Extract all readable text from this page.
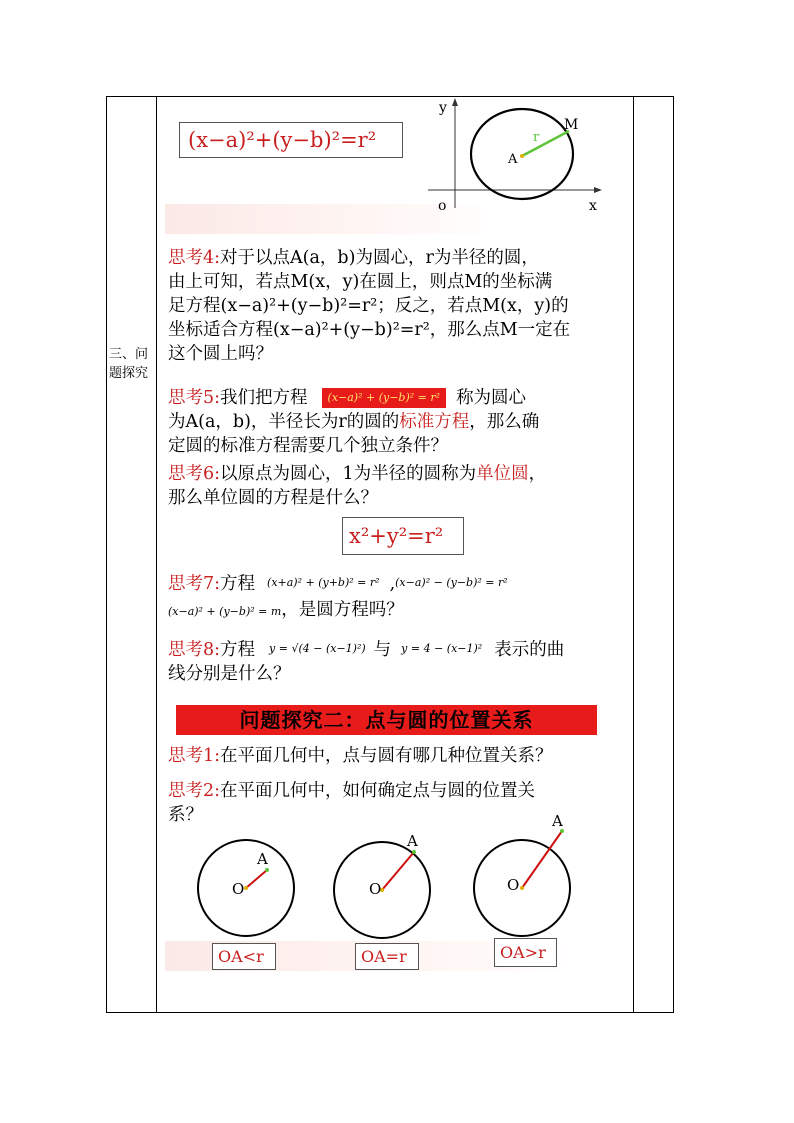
三、问题探究
(x−a)²+(y−b)²=r²
y
x
o
A
M
r
思考4:对于以点A(a，b)为圆心，r为半径的圆，
由上可知，若点M(x，y)在圆上，则点M的坐标满
足方程(x−a)²+(y−b)²=r²；反之，若点M(x，y)的
坐标适合方程(x−a)²+(y−b)²=r²，那么点M一定在
这个圆上吗？
思考5:我们把方程 (x−a)² + (y−b)² = r² 称为圆心
为A(a，b)，半径长为r的圆的标准方程，那么确
定圆的标准方程需要几个独立条件？
思考6:以原点为圆心，1为半径的圆称为单位圆，
那么单位圆的方程是什么？
x²+y²=r²
思考7:方程 (x+a)² + (y+b)² = r² ,(x−a)² − (y−b)² = r²
(x−a)² + (y−b)² = m，是圆方程吗？
思考8:方程 y = √(4 − (x−1)²) 与 y = 4 − (x−1)² 表示的曲
线分别是什么？
问题探究二：点与圆的位置关系
思考1:在平面几何中，点与圆有哪几种位置关系？
思考2:在平面几何中，如何确定点与圆的位置关
系？
O
A
O
A
O
A
OA<r	OA=r	OA>r
